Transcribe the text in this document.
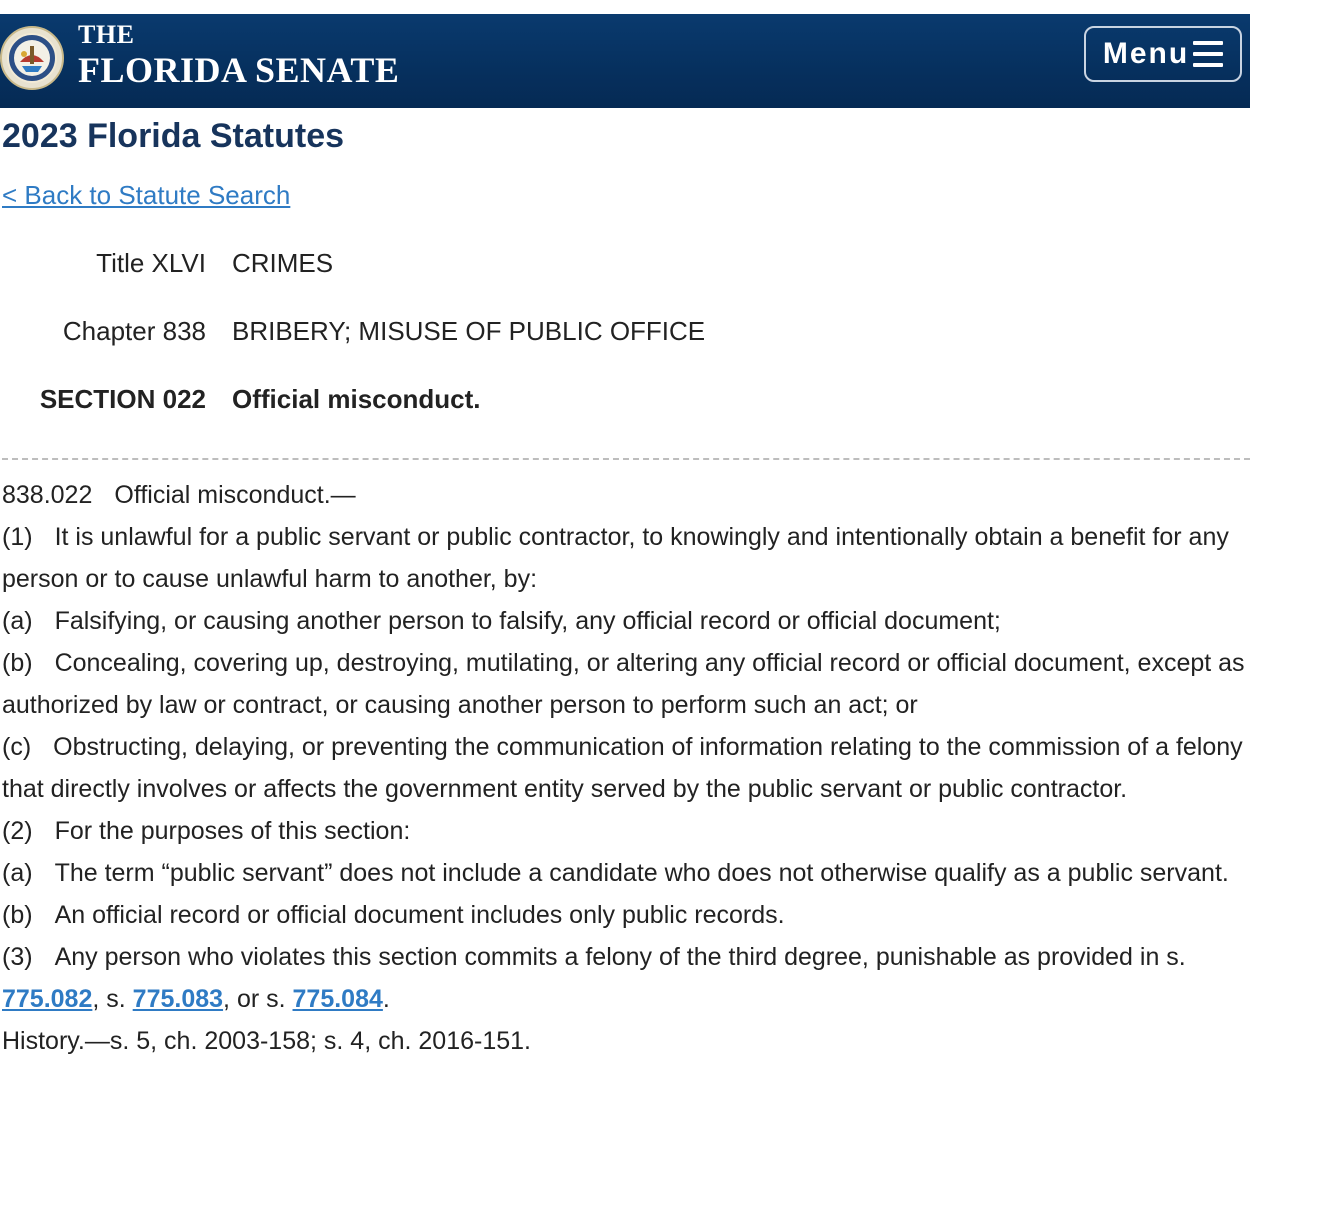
THE
FLORIDA SENATE	Menu
2023 Florida Statutes
< Back to Statute Search
Title XLVI CRIMES
Chapter 838 BRIBERY; MISUSE OF PUBLIC OFFICE
SECTION 022 Official misconduct.

838.022 Official misconduct.—

(1) It is unlawful for a public servant or public contractor, to knowingly and intentionally obtain a benefit for any person or to cause unlawful harm to another, by:

(a) Falsifying, or causing another person to falsify, any official record or official document;

(b) Concealing, covering up, destroying, mutilating, or altering any official record or official document, except as authorized by law or contract, or causing another person to perform such an act; or

(c) Obstructing, delaying, or preventing the communication of information relating to the commission of a felony that directly involves or affects the government entity served by the public servant or public contractor.

(2) For the purposes of this section:

(a) The term “public servant” does not include a candidate who does not otherwise qualify as a public servant.

(b) An official record or official document includes only public records.

(3) Any person who violates this section commits a felony of the third degree, punishable as provided in s. 775.082, s. 775.083, or s. 775.084.

History.—s. 5, ch. 2003-158; s. 4, ch. 2016-151.
